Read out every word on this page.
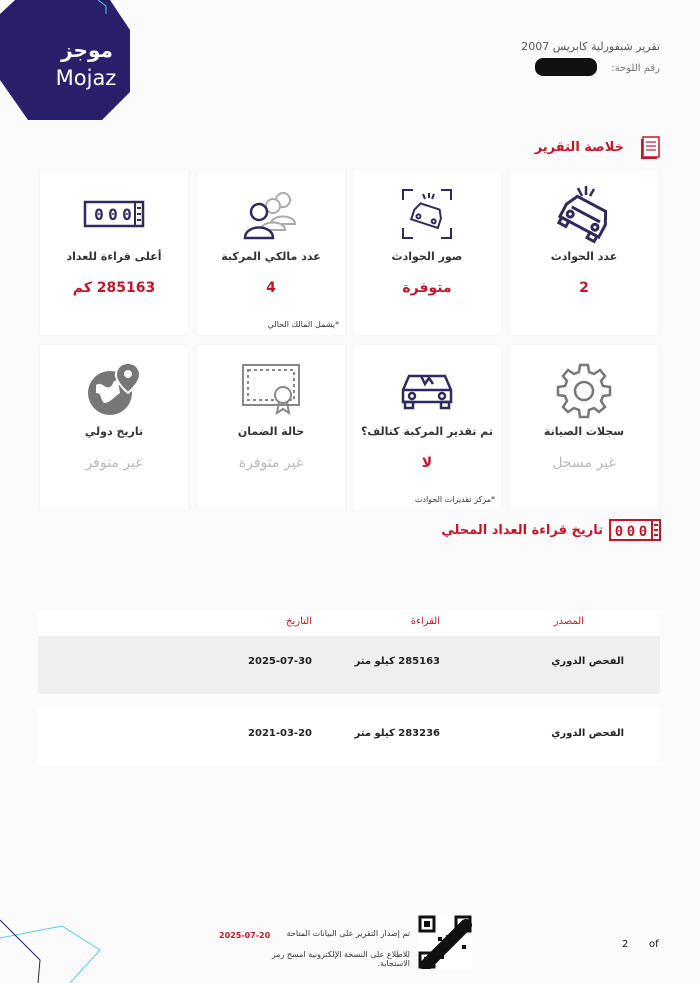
موجز
Mojaz
تقرير شيفورلية كابريس 2007
رقم اللوحة:
خلاصة التقرير
عدد الحوادث
2
صور الحوادث
متوفرة
عدد مالكي المركبة
4
*يشمل المالك الحالي
0 0 0
أعلى قراءة للعداد
285163 كم
سجلات الصيانة
غير مسجل
تم تقدير المركبة كتالف؟
لا
*مركز تقديرات الحوادث
حالة الضمان
غير متوفرة
تاريخ دولي
غير متوفر
0 0 0
تاريخ قراءة العداد المحلي
المصدر
القراءة
التاريخ
الفحص الدوري
285163 كيلو متر
2025-07-30
الفحص الدوري
283236 كيلو متر
2021-03-20
تم إصدار التقرير على البيانات المتاحة
2025-07-20
للاطلاع على النسخة الإلكترونية امسح رمز الاستجابة.
2 of
